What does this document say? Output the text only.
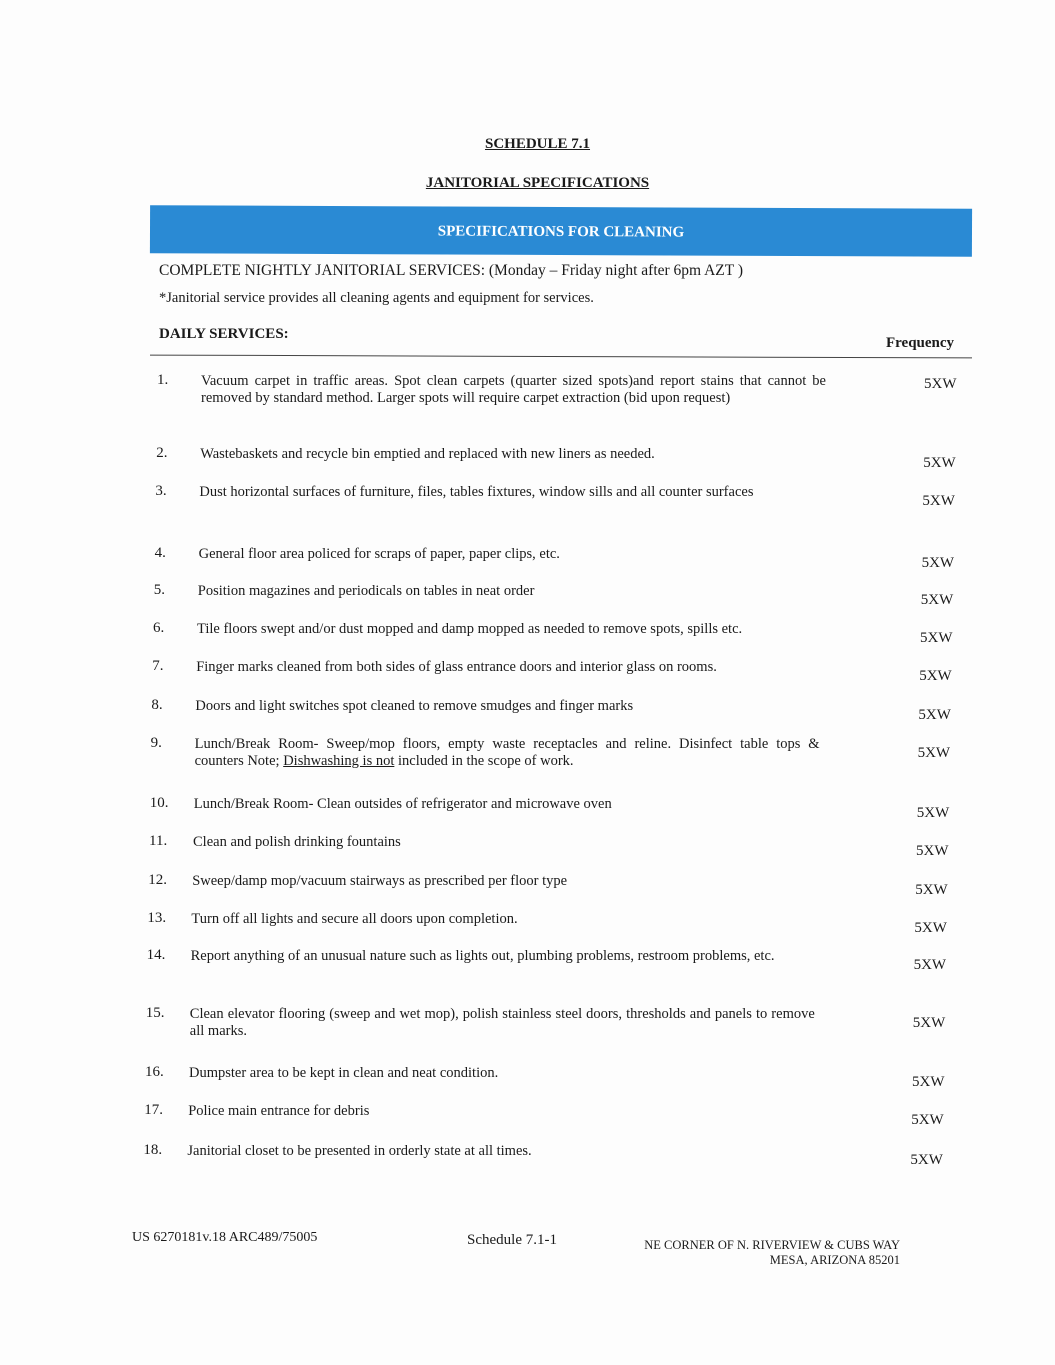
SCHEDULE 7.1
JANITORIAL SPECIFICATIONS
SPECIFICATIONS FOR CLEANING
COMPLETE NIGHTLY JANITORIAL SERVICES: (Monday – Friday night after 6pm AZT )
*Janitorial service provides all cleaning agents and equipment for services.
DAILY SERVICES:
Frequency
1. Vacuum carpet in traffic areas. Spot clean carpets (quarter sized spots)and report stains that cannot be removed by standard method. Larger spots will require carpet extraction (bid upon request)
5XW
2. Wastebaskets and recycle bin emptied and replaced with new liners as needed.
5XW
3. Dust horizontal surfaces of furniture, files, tables fixtures, window sills and all counter surfaces
5XW
4. General floor area policed for scraps of paper, paper clips, etc.
5XW
5. Position magazines and periodicals on tables in neat order
5XW
6. Tile floors swept and/or dust mopped and damp mopped as needed to remove spots, spills etc.
5XW
7. Finger marks cleaned from both sides of glass entrance doors and interior glass on rooms.
5XW
8. Doors and light switches spot cleaned to remove smudges and finger marks
5XW
9. Lunch/Break Room- Sweep/mop floors, empty waste receptacles and reline. Disinfect table tops & counters Note; Dishwashing is not included in the scope of work.	5XW
10. Lunch/Break Room- Clean outsides of refrigerator and microwave oven
5XW
11. Clean and polish drinking fountains
5XW
12. Sweep/damp mop/vacuum stairways as prescribed per floor type
5XW
13. Turn off all lights and secure all doors upon completion.
5XW
14. Report anything of an unusual nature such as lights out, plumbing problems, restroom problems, etc.
5XW
15. Clean elevator flooring (sweep and wet mop), polish stainless steel doors, thresholds and panels to remove all marks.	5XW
16. Dumpster area to be kept in clean and neat condition.
5XW
17. Police main entrance for debris
5XW
18. Janitorial closet to be presented in orderly state at all times.
5XW
US 6270181v.18 ARC489/75005	Schedule 7.1-1	NE CORNER OF N. RIVERVIEW & CUBS WAY
MESA, ARIZONA 85201
